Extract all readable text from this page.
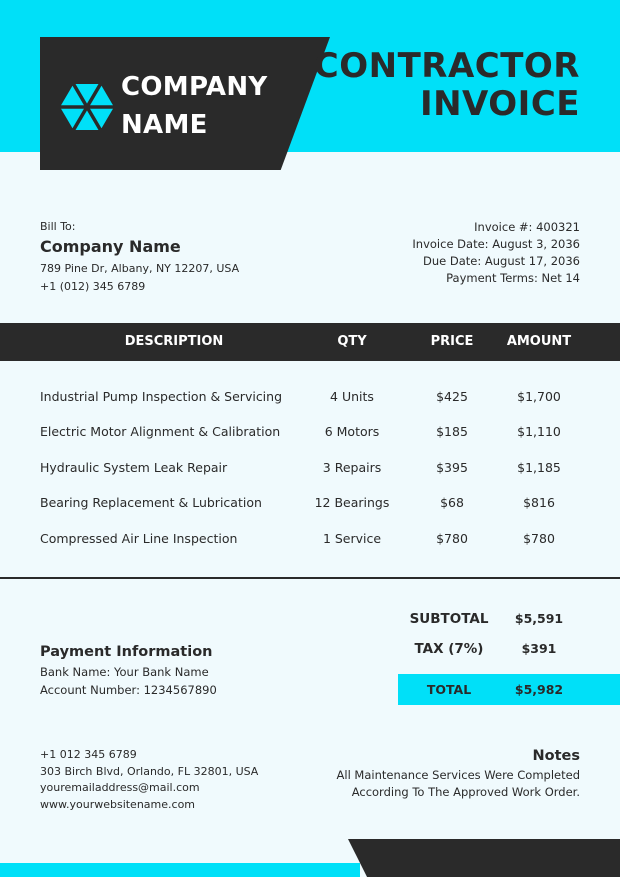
COMPANY
NAME
CONTRACTOR
INVOICE
Bill To:
Company Name
789 Pine Dr, Albany, NY 12207, USA
+1 (012) 345 6789
Invoice #: 400321
Invoice Date: August 3, 2036
Due Date: August 17, 2036
Payment Terms: Net 14
DESCRIPTION	QTY	PRICE	AMOUNT
Industrial Pump Inspection & Servicing	4 Units	$425	$1,700
Electric Motor Alignment & Calibration	6 Motors	$185	$1,110
Hydraulic System Leak Repair	3 Repairs	$395	$1,185
Bearing Replacement & Lubrication	12 Bearings	$68	$816
Compressed Air Line Inspection	1 Service	$780	$780
SUBTOTAL	$5,591
TAX (7%)	$391
TOTAL	$5,982
Payment Information
Bank Name: Your Bank Name
Account Number: 1234567890
+1 012 345 6789
303 Birch Blvd, Orlando, FL 32801, USA
youremailaddress@mail.com
www.yourwebsitename.com
Notes
All Maintenance Services Were Completed
According To The Approved Work Order.
